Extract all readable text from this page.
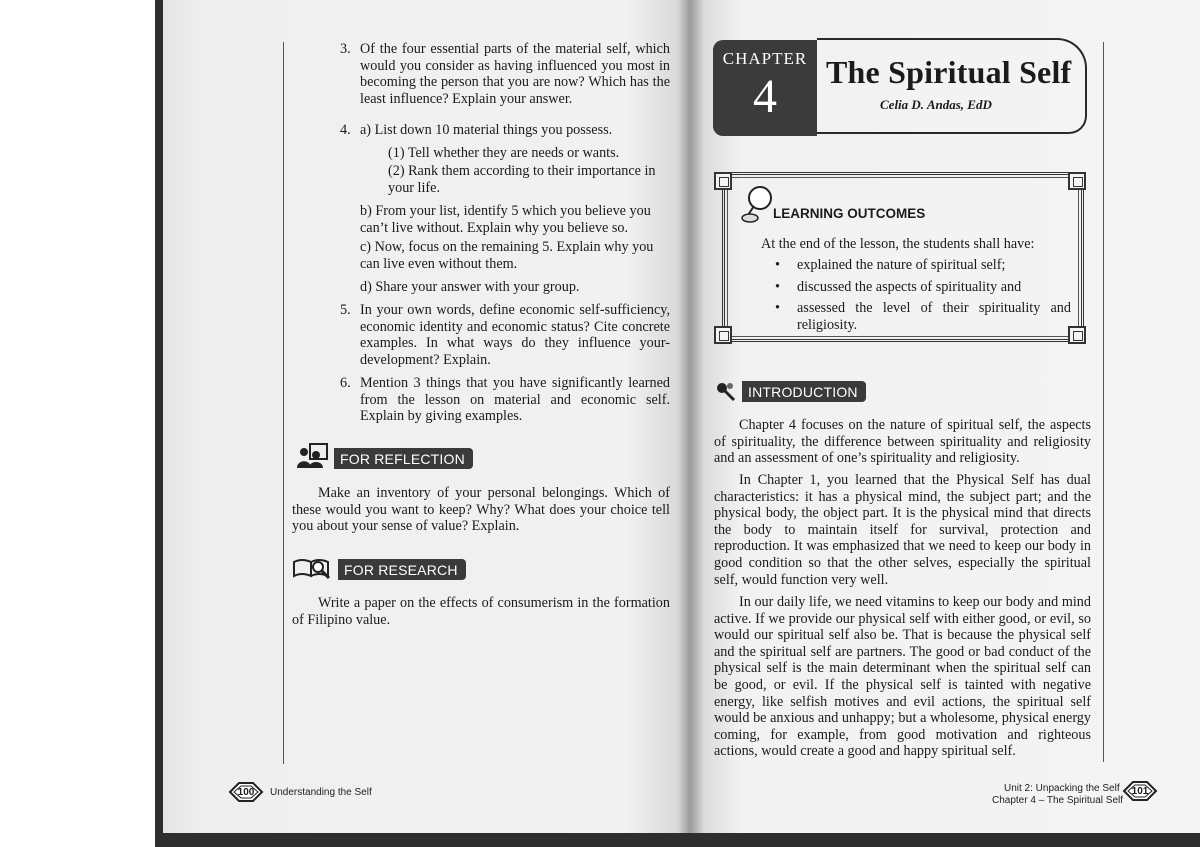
3. Of the four essential parts of the material self, which would you consider as having influenced you most in becoming the person that you are now? Which has the least influence? Explain your answer.

4. a) List down 10 material things you possess.

(1) Tell whether they are needs or wants.

(2) Rank them according to their importance in your life.

b) From your list, identify 5 which you believe you can’t live without. Explain why you believe so.

c) Now, focus on the remaining 5. Explain why you can live even without them.

d) Share your answer with your group.

5. In your own words, define economic self-sufficiency, economic identity and economic status? Cite concrete examples. In what ways do they influence your-development? Explain.

6. Mention 3 things that you have significantly learned from the lesson on material and economic self. Explain by giving examples.

FOR REFLECTION

Make an inventory of your personal belongings. Which of these would you want to keep? Why? What does your choice tell you about your sense of value? Explain.

FOR RESEARCH

Write a paper on the effects of consumerism in the formation of Filipino value.

100 Understanding the Self
CHAPTER
4	The Spiritual Self
Celia D. Andas, EdD
LEARNING OUTCOMES

At the end of the lesson, the students shall have:

• explained the nature of spiritual self;
• discussed the aspects of spirituality and
• assessed the level of their spirituality and religiosity.
INTRODUCTION

Chapter 4 focuses on the nature of spiritual self, the aspects of spirituality, the difference between spirituality and religiosity and an assessment of one’s spirituality and religiosity.

In Chapter 1, you learned that the Physical Self has dual characteristics: it has a physical mind, the subject part; and the physical body, the object part. It is the physical mind that directs the body to maintain itself for survival, protection and reproduction. It was emphasized that we need to keep our body in good condition so that the other selves, especially the spiritual self, would function very well.

In our daily life, we need vitamins to keep our body and mind active. If we provide our physical self with either good, or evil, so would our spiritual self also be. That is because the physical self and the spiritual self are partners. The good or bad conduct of the physical self is the main determinant when the spiritual self can be good, or evil. If the physical self is tainted with negative energy, like selfish motives and evil actions, the spiritual self would be anxious and unhappy; but a wholesome, physical energy coming, for example, from good motivation and righteous actions, would create a good and happy spiritual self.

Unit 2: Unpacking the Self
Chapter 4 – The Spiritual Self
101
